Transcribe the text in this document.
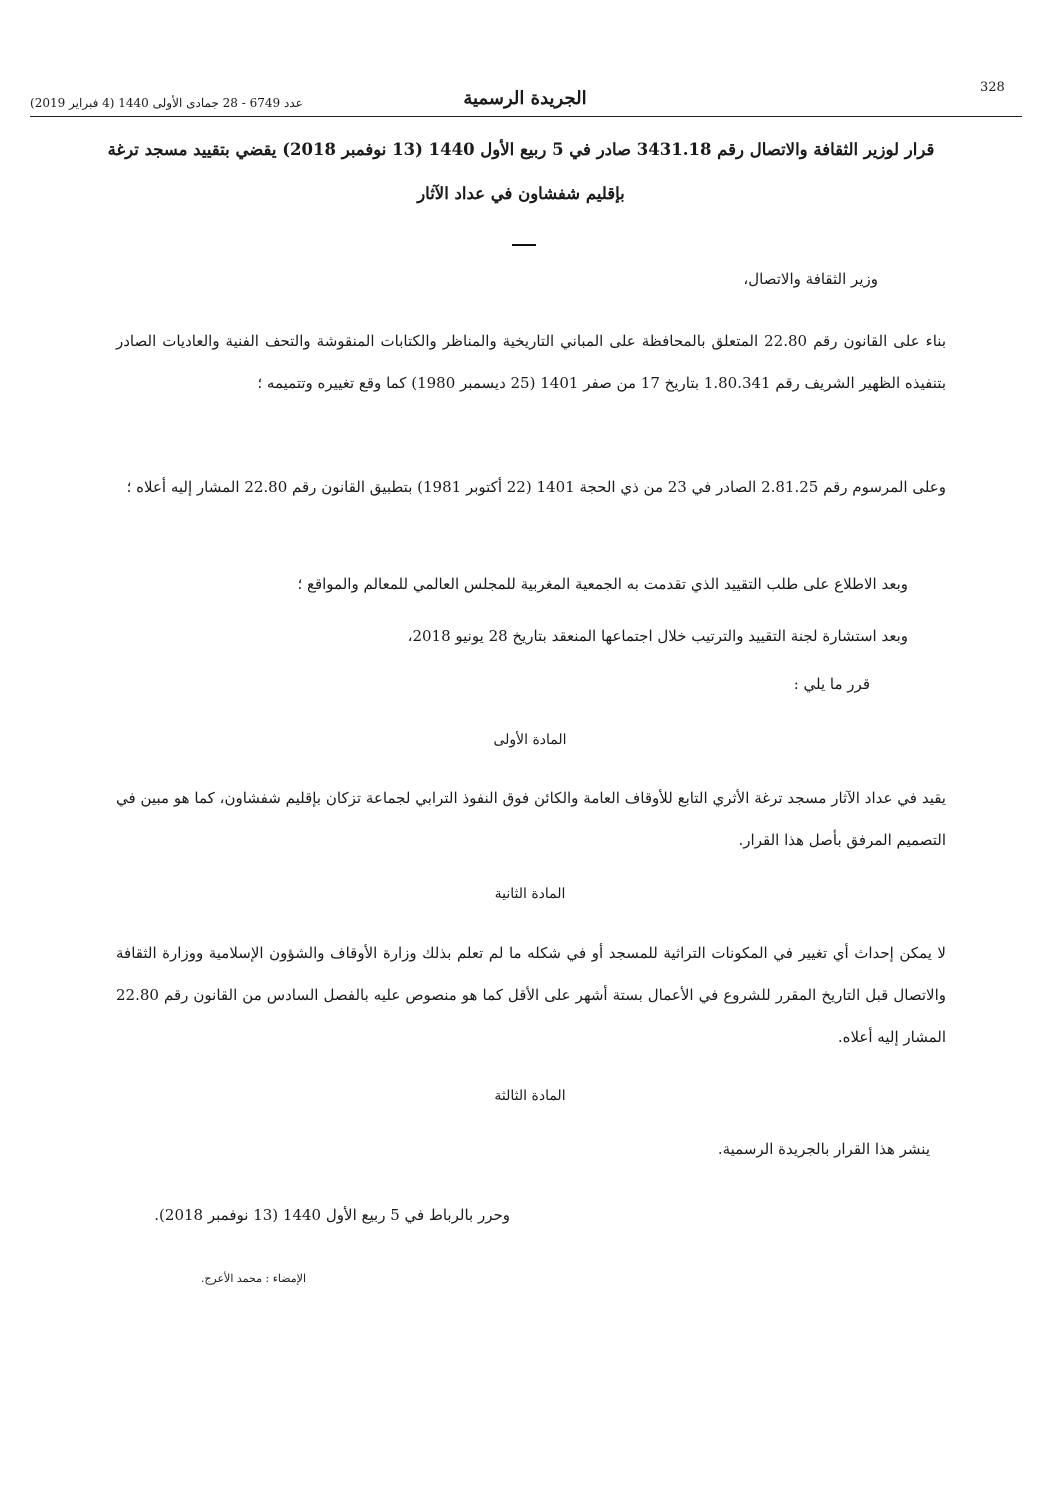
328
الجريدة الرسمية
عدد 6749 - 28 جمادى الأولى 1440 (4 فبراير 2019)
قرار لوزير الثقافة والاتصال رقم 3431.18 صادر في 5 ربيع الأول 1440 (13 نوفمبر 2018) يقضي بتقييد مسجد ترغة
بإقليم شفشاون في عداد الآثار
وزير الثقافة والاتصال،
بناء على القانون رقم 22.80 المتعلق بالمحافظة على المباني التاريخية والمناظر والكتابات المنقوشة والتحف الفنية والعاديات الصادر بتنفيذه الظهير الشريف رقم 1.80.341 بتاريخ 17 من صفر 1401 (25 ديسمبر 1980) كما وقع تغييره وتتميمه ؛
وعلى المرسوم رقم 2.81.25 الصادر في 23 من ذي الحجة 1401 (22 أكتوبر 1981) بتطبيق القانون رقم 22.80 المشار إليه أعلاه ؛
وبعد الاطلاع على طلب التقييد الذي تقدمت به الجمعية المغربية للمجلس العالمي للمعالم والمواقع ؛
وبعد استشارة لجنة التقييد والترتيب خلال اجتماعها المنعقد بتاريخ 28 يونيو 2018،
قرر ما يلي :
المادة الأولى
يقيد في عداد الآثار مسجد ترغة الأثري التابع للأوقاف العامة والكائن فوق النفوذ الترابي لجماعة تزكان بإقليم شفشاون، كما هو مبين في التصميم المرفق بأصل هذا القرار.
المادة الثانية
لا يمكن إحداث أي تغيير في المكونات التراثية للمسجد أو في شكله ما لم تعلم بذلك وزارة الأوقاف والشؤون الإسلامية ووزارة الثقافة والاتصال قبل التاريخ المقرر للشروع في الأعمال بستة أشهر على الأقل كما هو منصوص عليه بالفصل السادس من القانون رقم 22.80 المشار إليه أعلاه.
المادة الثالثة
ينشر هذا القرار بالجريدة الرسمية.
وحرر بالرباط في 5 ربيع الأول 1440 (13 نوفمبر 2018).
الإمضاء : محمد الأعرج.
